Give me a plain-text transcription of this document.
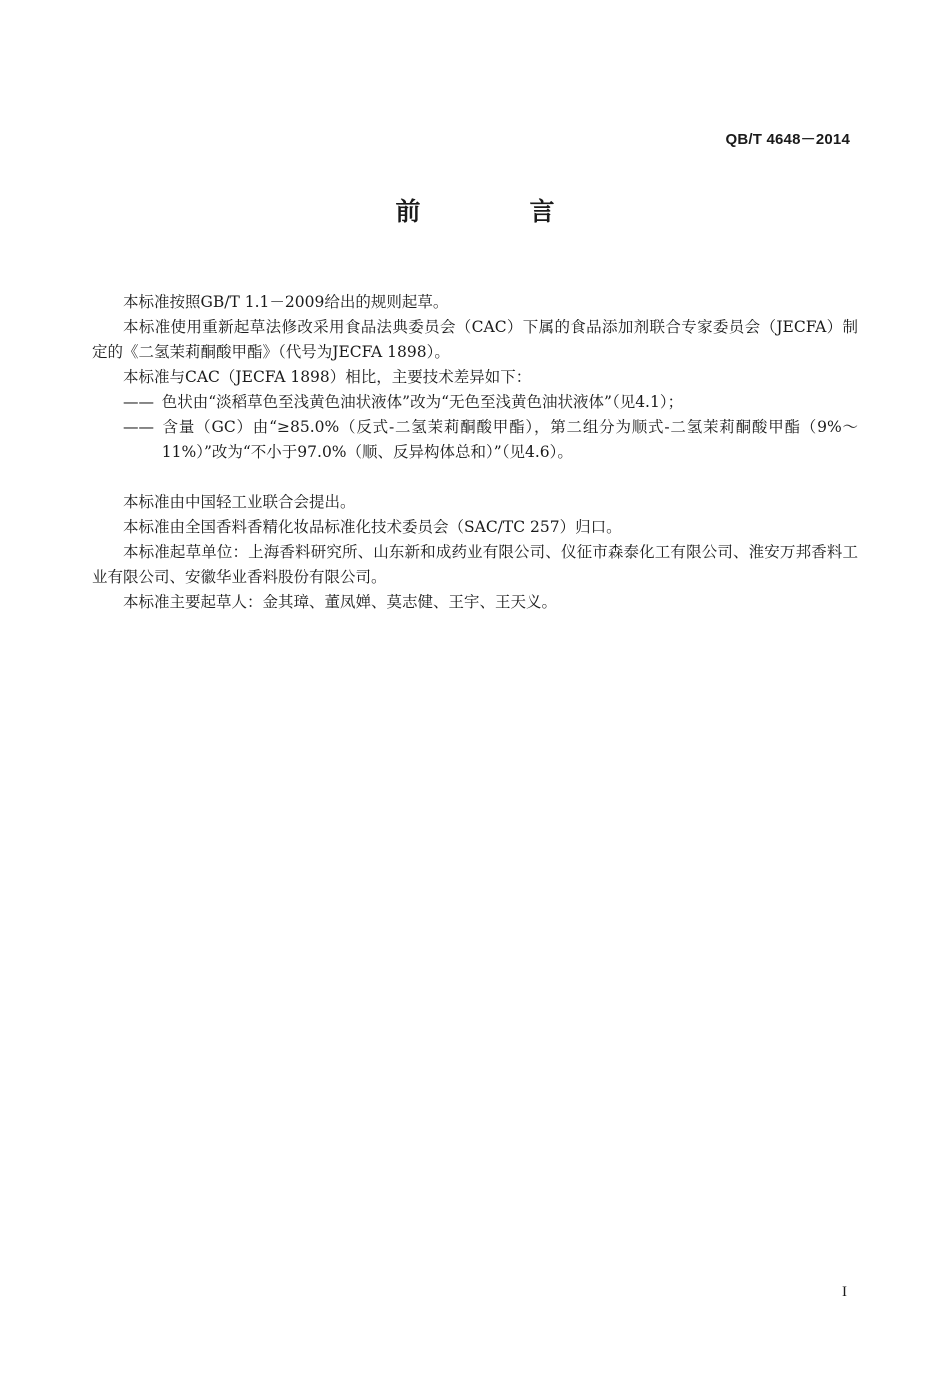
QB/T 4648－2014
前　言

本标准按照GB/T 1.1－2009给出的规则起草。

本标准使用重新起草法修改采用食品法典委员会（CAC）下属的食品添加剂联合专家委员会（JECFA）制定的《二氢茉莉酮酸甲酯》（代号为JECFA 1898）。

本标准与CAC（JECFA 1898）相比，主要技术差异如下：

—— 色状由“淡稻草色至浅黄色油状液体”改为“无色至浅黄色油状液体”（见4.1）；

—— 含量（GC）由“≥85.0%（反式-二氢茉莉酮酸甲酯），第二组分为顺式-二氢茉莉酮酸甲酯（9%～11%）”改为“不小于97.0%（顺、反异构体总和）”（见4.6）。

本标准由中国轻工业联合会提出。

本标准由全国香料香精化妆品标准化技术委员会（SAC/TC 257）归口。

本标准起草单位：上海香料研究所、山东新和成药业有限公司、仪征市森泰化工有限公司、淮安万邦香料工业有限公司、安徽华业香料股份有限公司。

本标准主要起草人：金其璋、董凤婵、莫志健、王宇、王天义。

I
